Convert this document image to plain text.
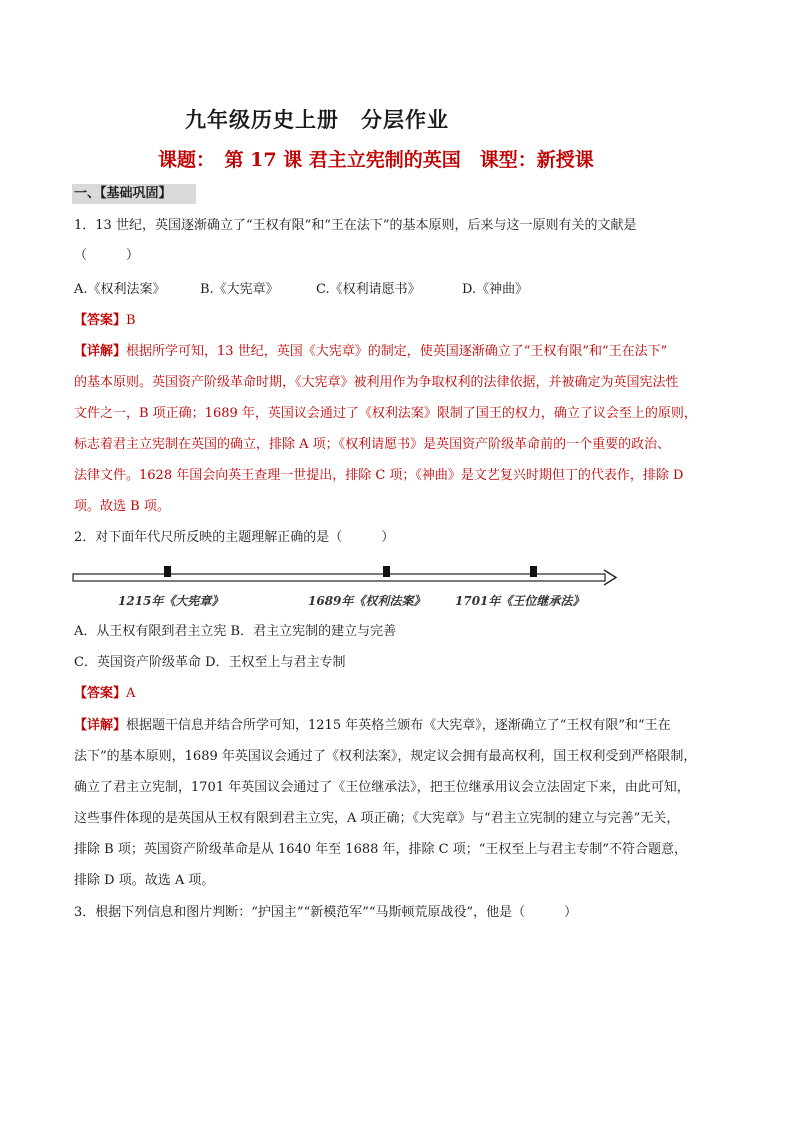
九年级历史上册　分层作业
课题：　第 17 课 君主立宪制的英国　课型：新授课
一、【基础巩固】
1．13 世纪，英国逐渐确立了“王权有限”和“王在法下”的基本原则，后来与这一原则有关的文献是
（　　　）
A.《权利法案》	B.《大宪章》	C.《权利请愿书》	D.《神曲》
【答案】B
【详解】根据所学可知，13 世纪，英国《大宪章》的制定，使英国逐渐确立了“王权有限”和“王在法下”
的基本原则。英国资产阶级革命时期，《大宪章》被利用作为争取权利的法律依据，并被确定为英国宪法性
文件之一，B 项正确；1689 年，英国议会通过了《权利法案》限制了国王的权力，确立了议会至上的原则，
标志着君主立宪制在英国的确立，排除 A 项；《权利请愿书》是英国资产阶级革命前的一个重要的政治、
法律文件。1628 年国会向英王查理一世提出，排除 C 项；《神曲》是文艺复兴时期但丁的代表作，排除 D
项。故选 B 项。
2．对下面年代尺所反映的主题理解正确的是（　　　）
1215年《大宪章》	1689年《权利法案》 1701年《王位继承法》
A．从王权有限到君主立宪 B．君主立宪制的建立与完善
C．英国资产阶级革命 D．王权至上与君主专制
【答案】A
【详解】根据题干信息并结合所学可知，1215 年英格兰颁布《大宪章》，逐渐确立了“王权有限”和“王在
法下”的基本原则，1689 年英国议会通过了《权利法案》，规定议会拥有最高权利，国王权利受到严格限制，
确立了君主立宪制，1701 年英国议会通过了《王位继承法》，把王位继承用议会立法固定下来，由此可知，
这些事件体现的是英国从王权有限到君主立宪，A 项正确；《大宪章》与“君主立宪制的建立与完善”无关，
排除 B 项；英国资产阶级革命是从 1640 年至 1688 年，排除 C 项；“王权至上与君主专制”不符合题意，
排除 D 项。故选 A 项。
3．根据下列信息和图片判断：“护国主”“新模范军”“马斯顿荒原战役”，他是（　　　）
